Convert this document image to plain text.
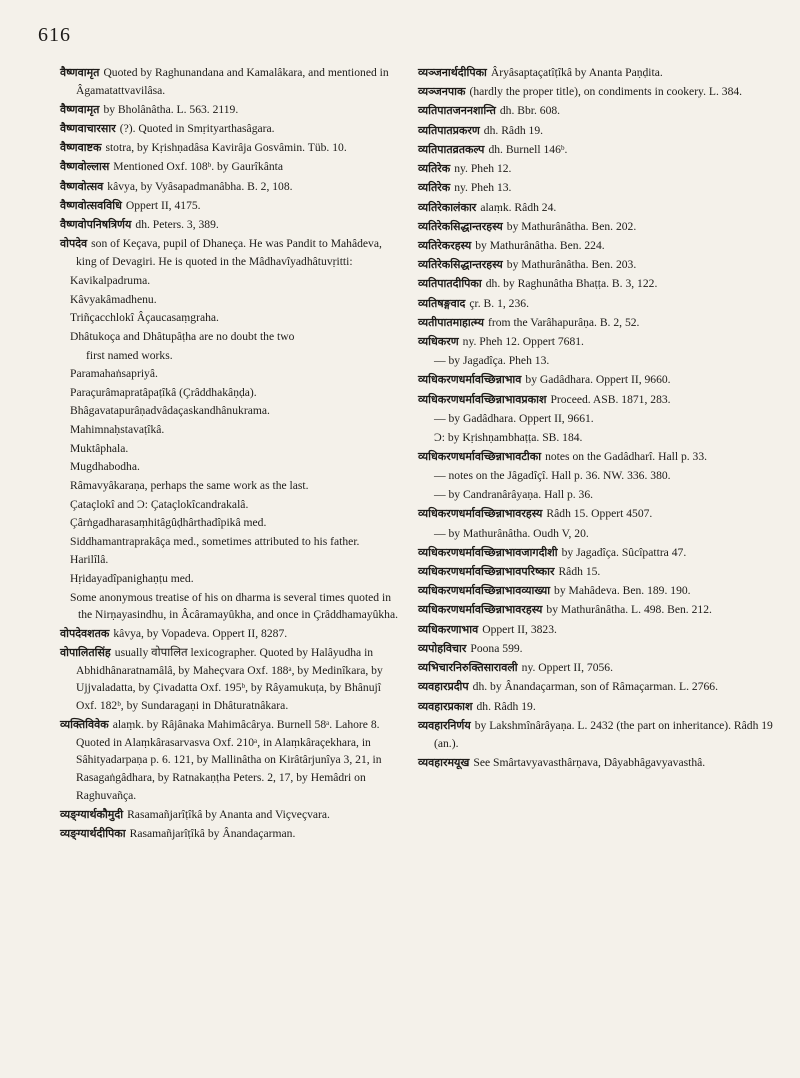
616
वैष्णवामृत Quoted by Raghunandana and Kamalâkara, and mentioned in Âgamatattvavilâsa.
वैष्णवामृत by Bholânâtha. L. 563. 2119.
वैष्णवाचारसार (?). Quoted in Smṛityarthasâgara.
वैष्णवाष्टक stotra, by Kṛishṇadâsa Kavirâja Gosvâmin. Tüb. 10.
वैष्णवोल्लास Mentioned Oxf. 108ᵇ. by Gaurîkânta
वैष्णवोत्सव kâvya, by Vyâsapadmanâbha. B. 2, 108.
वैष्णवोत्सवविधि Oppert II, 4175.
वैष्णवोपनिषत्रिर्णय dh. Peters. 3, 389.
वोपदेव son of Keçava, pupil of Dhaneça. He was Pandit to Mahâdeva, king of Devagiri. He is quoted in the Mâdhavîyadhâtuvṛitti:
Kavikalpadruma.
Kâvyakâmadhenu.
Triñçacchlokî Âçaucasaṃgraha.
Dhâtukoça and Dhâtupâṭha are no doubt the two
first named works.
Paramahaṅsapriyâ.
Paraçurâmapratâpaṭîkâ (Çrâddhakâṇḍa).
Bhâgavatapurâṇadvâdaçaskandhânukrama.
Mahimnaḥstavaṭîkâ.
Muktâphala.
Mugdhabodha.
Râmavyâkaraṇa, perhaps the same work as the last.
Çataçlokî and Ɔ: Çataçlokîcandrakalâ.
Çârṅgadharasaṃhitâgûḍhârthadîpikâ med.
Siddhamantraprakâça med., sometimes attributed to his father.
Harilîlâ.
Hṛidayadîpanighaṇṭu med.
Some anonymous treatise of his on dharma is several times quoted in the Nirṇayasindhu, in Âcâramayûkha, and once in Çrâddhamayûkha.
वोपदेवशतक kâvya, by Vopadeva. Oppert II, 8287.
वोपालितसिंह usually वोपालित lexicographer. Quoted by Halâyudha in Abhidhânaratnamâlâ, by Maheçvara Oxf. 188ᵃ, by Medinîkara, by Ujjvaladatta, by Çivadatta Oxf. 195ᵇ, by Râyamukuṭa, by Bhânujî Oxf. 182ᵇ, by Sundaragaṇi in Dhâturatnâkara.
व्यक्तिविवेक alaṃk. by Râjânaka Mahimâcârya. Burnell 58ᵃ. Lahore 8. Quoted in Alaṃkârasarvasva Oxf. 210ᵃ, in Alaṃkâraçekhara, in Sâhityadarpaṇa p. 6. 121, by Mallinâtha on Kirâtârjunîya 3, 21, in Rasagaṅgâdhara, by Ratnakaṇṭha Peters. 2, 17, by Hemâdri on Raghuvañça.
व्यङ्ग्यार्थकौमुदी Rasamañjarîṭîkâ by Ananta and Viçveçvara.
व्यङ्ग्यार्थदीपिका Rasamañjarîṭîkâ by Ânandaçarman.
व्यञ्जनार्थदीपिका Âryâsaptaçatîṭîkâ by Ananta Paṇḍita.
व्यञ्जनपाक (hardly the proper title), on condiments in cookery. L. 384.
व्यतिपातजननशान्ति dh. Bbr. 608.
व्यतिपातप्रकरण dh. Râdh 19.
व्यतिपातव्रतकल्प dh. Burnell 146ᵇ.
व्यतिरेक ny. Pheh 12.
व्यतिरेक ny. Pheh 13.
व्यतिरेकालंकार alaṃk. Râdh 24.
व्यतिरेकसिद्धान्तरहस्य by Mathurânâtha. Ben. 202.
व्यतिरेकरहस्य by Mathurânâtha. Ben. 224.
व्यतिरेकसिद्धान्तरहस्य by Mathurânâtha. Ben. 203.
व्यतिपातदीपिका dh. by Raghunâtha Bhaṭṭa. B. 3, 122.
व्यतिषङ्गवाद çr. B. 1, 236.
व्यतीपातमाहात्म्य from the Varâhapurâṇa. B. 2, 52.
व्यधिकरण ny. Pheh 12. Oppert 7681.
— by Jagadîça. Pheh 13.
व्यधिकरणधर्मावच्छिन्नाभाव by Gadâdhara. Oppert II, 9660.
व्यधिकरणधर्मावच्छिन्नाभावप्रकाश Proceed. ASB. 1871, 283.
— by Gadâdhara. Oppert II, 9661.
Ɔ: by Kṛishṇambhaṭṭa. SB. 184.
व्यधिकरणधर्मावच्छिन्नाभावटीका notes on the Gadâdharî. Hall p. 33.
— notes on the Jâgadîçî. Hall p. 36. NW. 336. 380.
— by Candranârâyaṇa. Hall p. 36.
व्यधिकरणधर्मावच्छिन्नाभावरहस्य Râdh 15. Oppert 4507.
— by Mathurânâtha. Oudh V, 20.
व्यधिकरणधर्मावच्छिन्नाभावजागदीशी by Jagadîça. Sûcîpattra 47.
व्यधिकरणधर्मावच्छिन्नाभावपरिष्कार Râdh 15.
व्यधिकरणधर्मावच्छिन्नाभावव्याख्या by Mahâdeva. Ben. 189. 190.
व्यधिकरणधर्मावच्छिन्नाभावरहस्य by Mathurânâtha. L. 498. Ben. 212.
व्यधिकरणाभाव Oppert II, 3823.
व्यपोहविचार Poona 599.
व्यभिचारनिरुक्तिसारावली ny. Oppert II, 7056.
व्यवहारप्रदीप dh. by Ânandaçarman, son of Râmaçarman. L. 2766.
व्यवहारप्रकाश dh. Râdh 19.
व्यवहारनिर्णय by Lakshmînârâyaṇa. L. 2432 (the part on inheritance). Râdh 19 (an.).
व्यवहारमयूख See Smârtavyavasthârṇava, Dâyabhâgavyavasthâ.
